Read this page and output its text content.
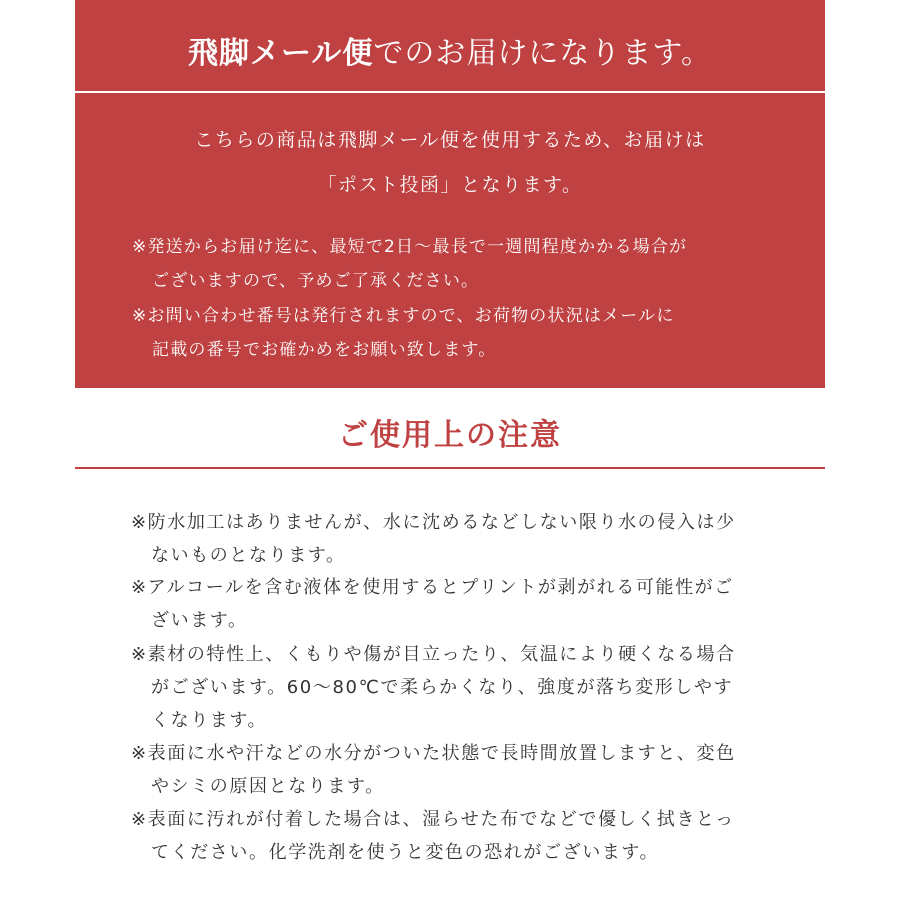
飛脚メール便でのお届けになります。
こちらの商品は飛脚メール便を使用するため、お届けは
「ポスト投函」となります。
※発送からお届け迄に、最短で2日〜最長で一週間程度かかる場合が
ございますので、予めご了承ください。
※お問い合わせ番号は発行されますので、お荷物の状況はメールに
記載の番号でお確かめをお願い致します。
ご使用上の注意
※防水加工はありませんが、水に沈めるなどしない限り水の侵入は少
ないものとなります。
※アルコールを含む液体を使用するとプリントが剥がれる可能性がご
ざいます。
※素材の特性上、くもりや傷が目立ったり、気温により硬くなる場合
がございます。60〜80℃で柔らかくなり、強度が落ち変形しやす
くなります。
※表面に水や汗などの水分がついた状態で長時間放置しますと、変色
やシミの原因となります。
※表面に汚れが付着した場合は、湿らせた布でなどで優しく拭きとっ
てください。化学洗剤を使うと変色の恐れがございます。
